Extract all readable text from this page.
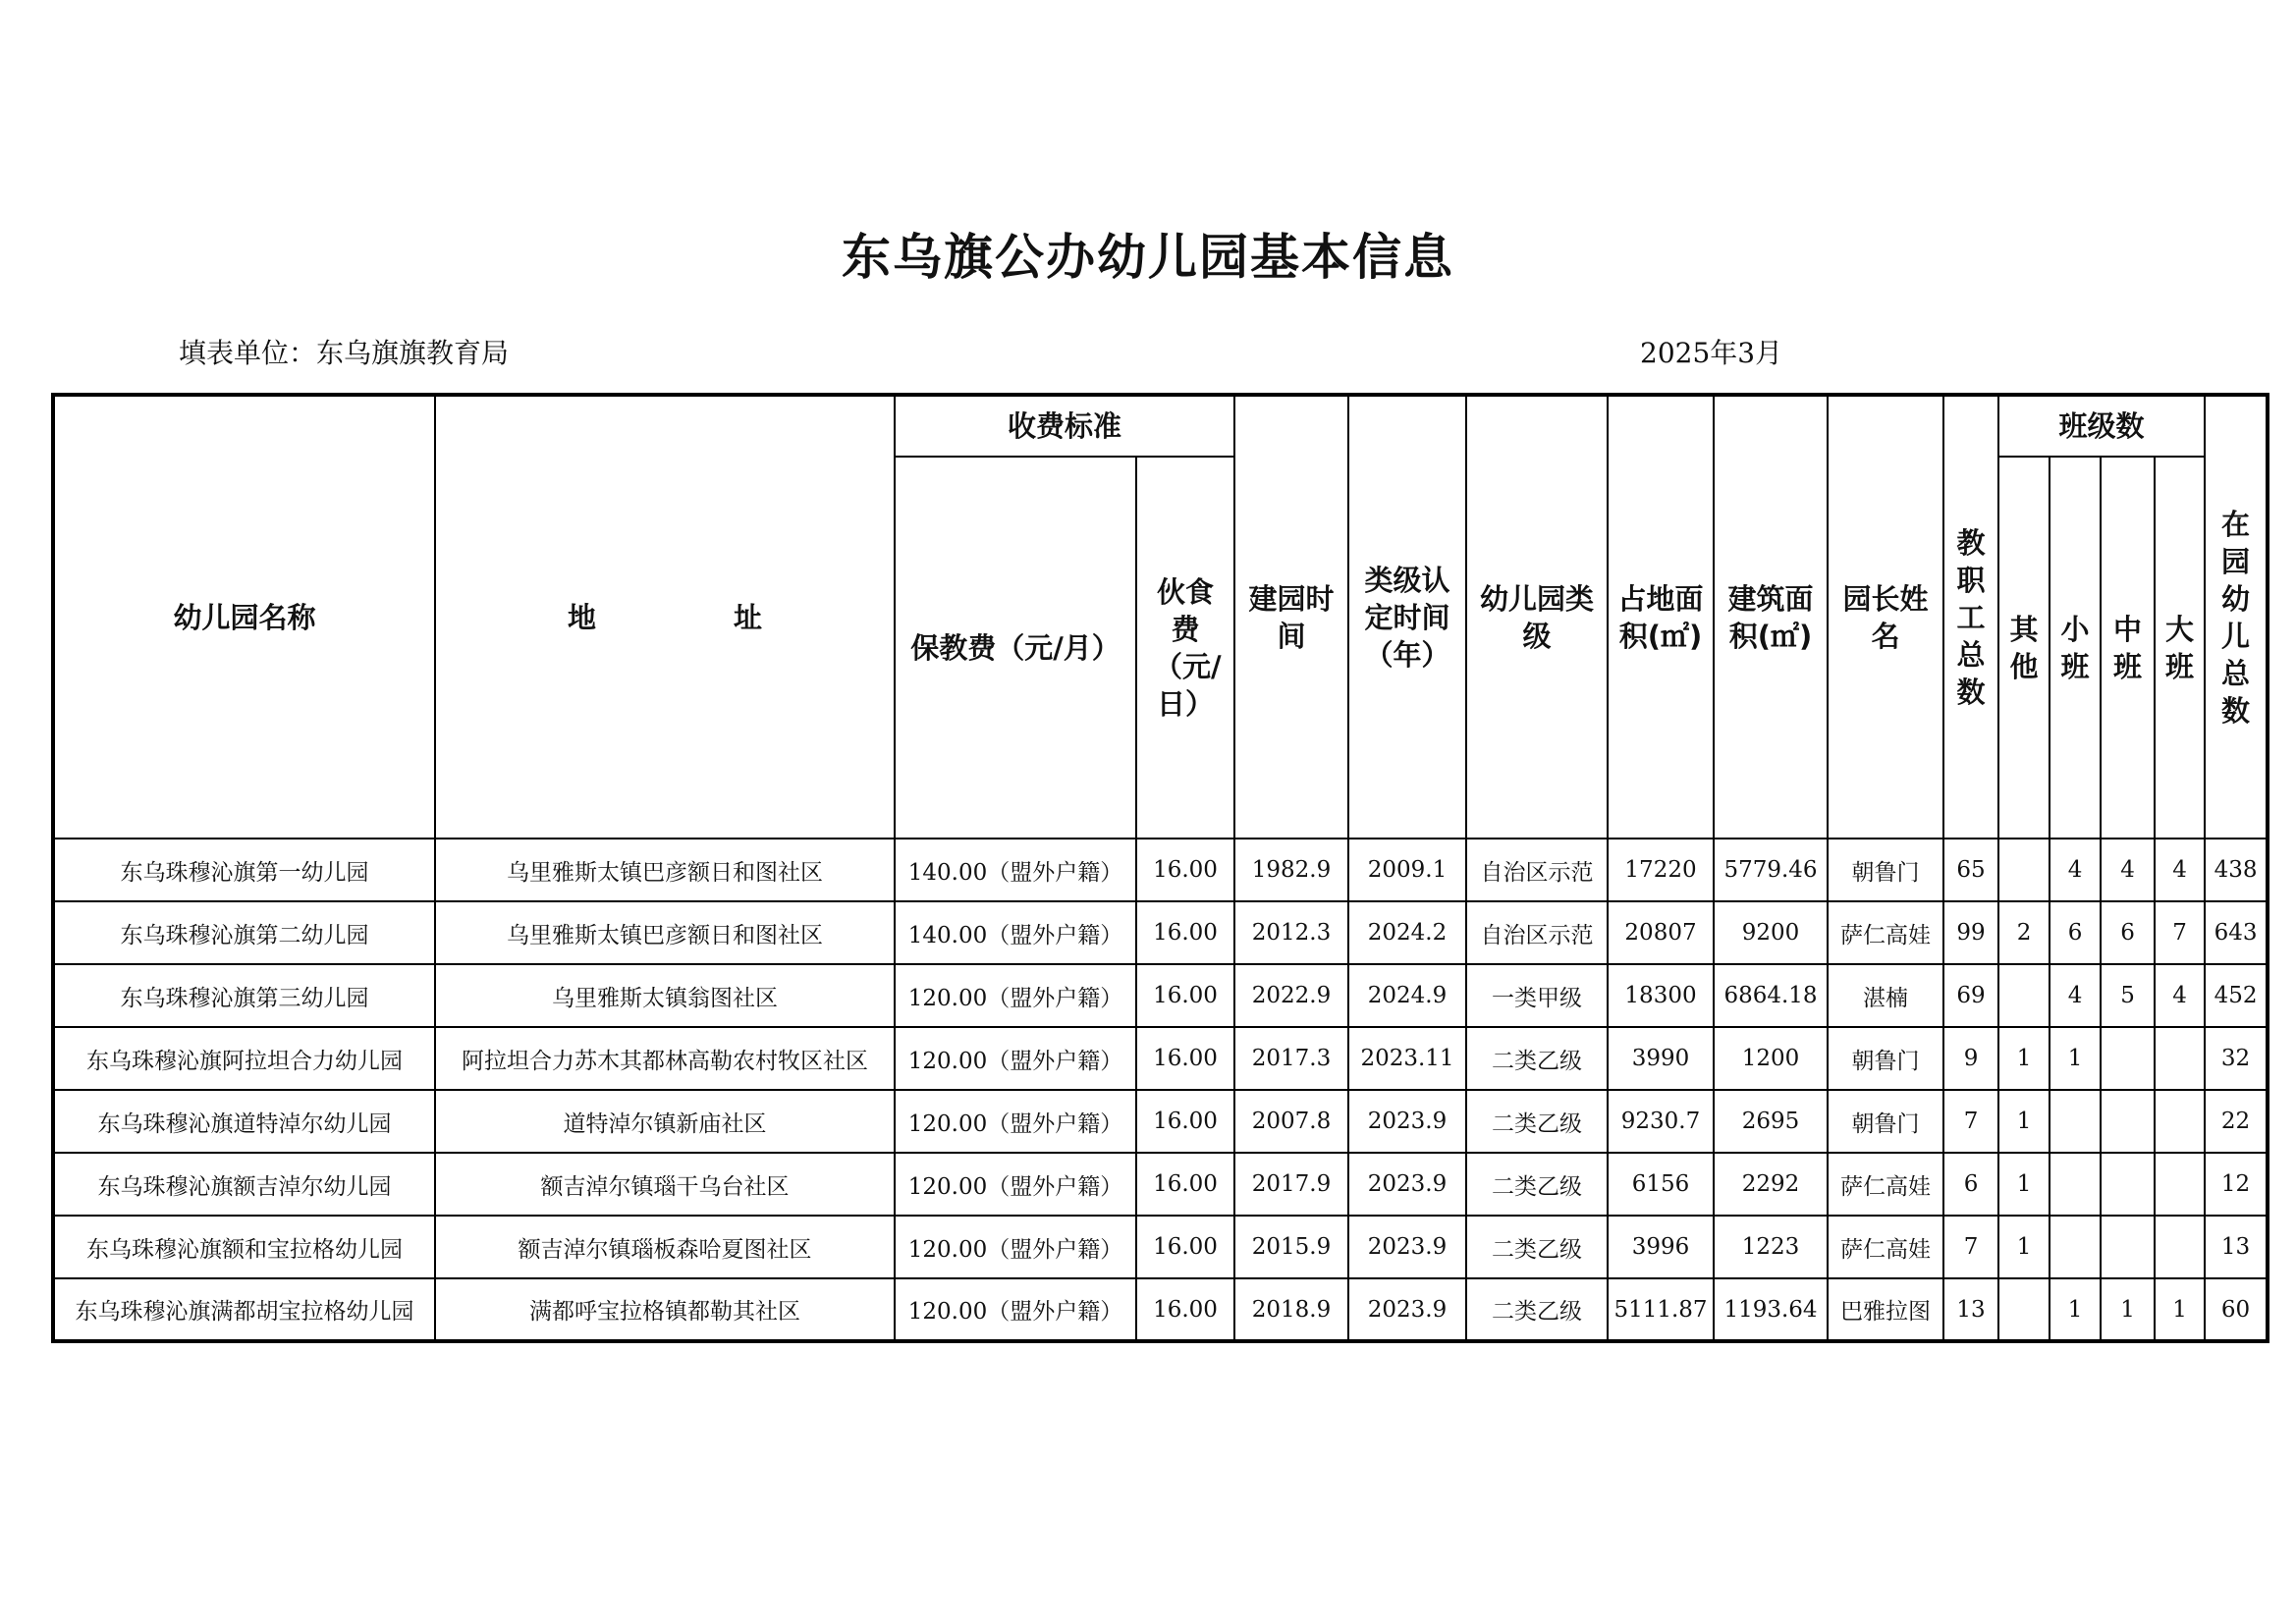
东乌旗公办幼儿园基本信息
填表单位：东乌旗旗教育局	2025年3月
幼儿园名称	地 址	收费标准		建园时间	类级认定时间（年）	幼儿园类级	占地面积(㎡)	建筑面积(㎡)	园长姓名	教职工总数	班级数				在园幼儿总数

		保教费（元/月）	伙食费（元/日）								其他	小班	中班	大班	

东乌珠穆沁旗第一幼儿园	乌里雅斯太镇巴彦额日和图社区	140.00（盟外户籍）	16.00	1982.9	2009.1	自治区示范	17220	5779.46	朝鲁门	65		4	4	4	438
东乌珠穆沁旗第二幼儿园	乌里雅斯太镇巴彦额日和图社区	140.00（盟外户籍）	16.00	2012.3	2024.2	自治区示范	20807	9200	萨仁高娃	99	2	6	6	7	643
东乌珠穆沁旗第三幼儿园	乌里雅斯太镇翁图社区	120.00（盟外户籍）	16.00	2022.9	2024.9	一类甲级	18300	6864.18	湛楠	69		4	5	4	452
东乌珠穆沁旗阿拉坦合力幼儿园	阿拉坦合力苏木其都林高勒农村牧区社区	120.00（盟外户籍）	16.00	2017.3	2023.11	二类乙级	3990	1200	朝鲁门	9	1	1			32
东乌珠穆沁旗道特淖尔幼儿园	道特淖尔镇新庙社区	120.00（盟外户籍）	16.00	2007.8	2023.9	二类乙级	9230.7	2695	朝鲁门	7	1				22
东乌珠穆沁旗额吉淖尔幼儿园	额吉淖尔镇瑙干乌台社区	120.00（盟外户籍）	16.00	2017.9	2023.9	二类乙级	6156	2292	萨仁高娃	6	1				12
东乌珠穆沁旗额和宝拉格幼儿园	额吉淖尔镇瑙板森哈夏图社区	120.00（盟外户籍）	16.00	2015.9	2023.9	二类乙级	3996	1223	萨仁高娃	7	1				13
东乌珠穆沁旗满都胡宝拉格幼儿园	满都呼宝拉格镇都勒其社区	120.00（盟外户籍）	16.00	2018.9	2023.9	二类乙级	5111.87	1193.64	巴雅拉图	13		1	1	1	60
